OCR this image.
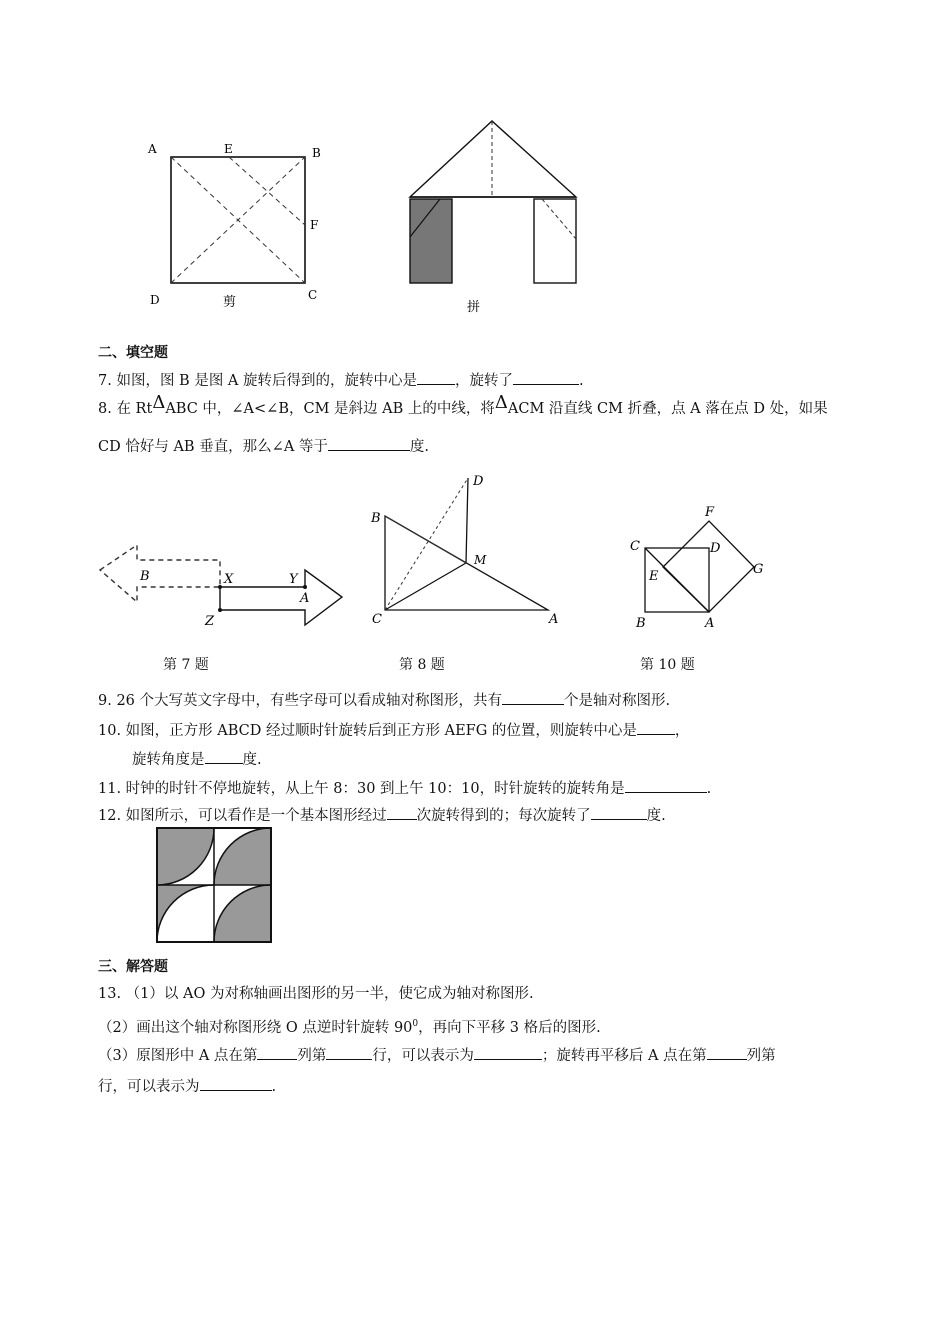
A	E	B
F
D	C
剪	拼
二、填空题
7. 如图，图 B 是图 A 旋转后得到的，旋转中心是	，旋转了	.
8. 在 RtΔABC 中，∠A<∠B，CM 是斜边 AB 上的中线，将ΔACM 沿直线 CM 折叠，点 A 落在点 D 处，如果
CD 恰好与 AB 垂直，那么∠A 等于	度.
B	X	Y
Z
A
第 7 题
D
B
M
C	A
第 8 题
F
C	D
E	G
B	A
第 10 题
9. 26 个大写英文字母中，有些字母可以看成轴对称图形，共有	个是轴对称图形.
10. 如图，正方形 ABCD 经过顺时针旋转后到正方形 AEFG 的位置，则旋转中心是	，
旋转角度是	度.
11. 时钟的时针不停地旋转，从上午 8：30 到上午 10：10，时针旋转的旋转角是	.
12. 如图所示，可以看作是一个基本图形经过 次旋转得到的；每次旋转了	度.
三、解答题
13. （1）以 AO 为对称轴画出图形的另一半，使它成为轴对称图形.
（2）画出这个轴对称图形绕 O 点逆时针旋转 $90^0$，再向下平移 3 格后的图形.
（3）原图形中 A 点在第	列第	行，可以表示为	；旋转再平移后 A 点在第	列第
行，可以表示为	.
